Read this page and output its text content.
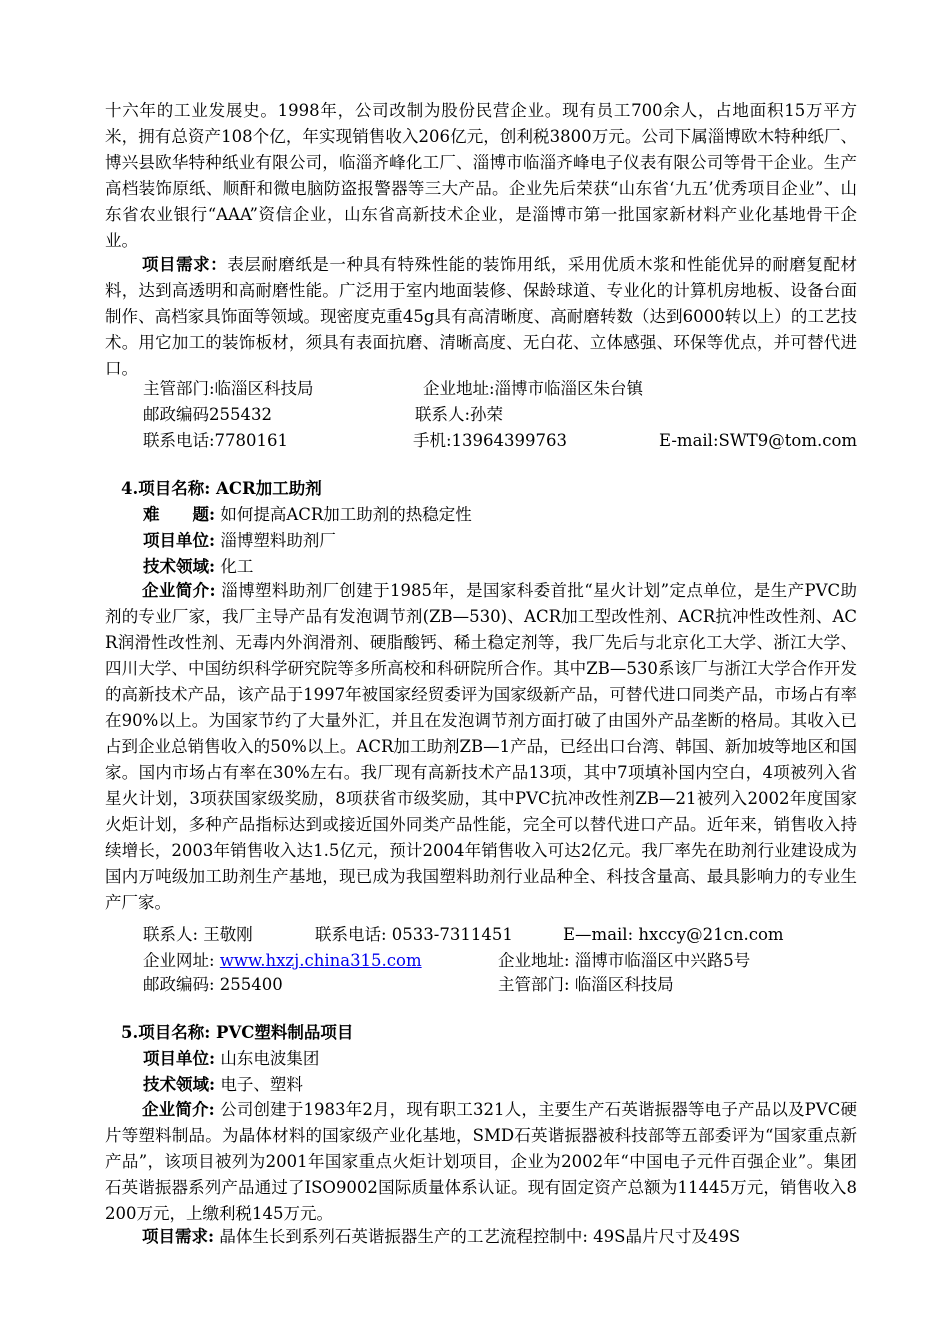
十六年的工业发展史。1998年，公司改制为股份民营企业。现有员工700余人，占地面积15万平方米，拥有总资产108个亿，年实现销售收入206亿元，创利税3800万元。公司下属淄博欧木特种纸厂、博兴县欧华特种纸业有限公司，临淄齐峰化工厂、淄博市临淄齐峰电子仪表有限公司等骨干企业。生产高档装饰原纸、顺酐和微电脑防盗报警器等三大产品。企业先后荣获“山东省‘九五’优秀项目企业”、山东省农业银行“AAA”资信企业，山东省高新技术企业，是淄博市第一批国家新材料产业化基地骨干企业。

项目需求：表层耐磨纸是一种具有特殊性能的装饰用纸，采用优质木浆和性能优异的耐磨复配材料，达到高透明和高耐磨性能。广泛用于室内地面装修、保龄球道、专业化的计算机房地板、设备台面制作、高档家具饰面等领域。现密度克重45g具有高清晰度、高耐磨转数（达到6000转以上）的工艺技术。用它加工的装饰板材，须具有表面抗磨、清晰高度、无白花、立体感强、环保等优点，并可替代进口。

主管部门:临淄区科技局	企业地址:淄博市临淄区朱台镇
邮政编码255432	联系人:孙荣
联系电话:7780161	手机:13964399763	E-mail:SWT9@tom.com
4.项目名称: ACR加工助剂
难　　题: 如何提高ACR加工助剂的热稳定性
项目单位: 淄博塑料助剂厂
技术领域: 化工

企业简介: 淄博塑料助剂厂创建于1985年，是国家科委首批“星火计划”定点单位，是生产PVC助剂的专业厂家，我厂主导产品有发泡调节剂(ZB—530)、ACR加工型改性剂、ACR抗冲性改性剂、ACR润滑性改性剂、无毒内外润滑剂、硬脂酸钙、稀土稳定剂等，我厂先后与北京化工大学、浙江大学、四川大学、中国纺织科学研究院等多所高校和科研院所合作。其中ZB—530系该厂与浙江大学合作开发的高新技术产品，该产品于1997年被国家经贸委评为国家级新产品，可替代进口同类产品，市场占有率在90%以上。为国家节约了大量外汇，并且在发泡调节剂方面打破了由国外产品垄断的格局。其收入已占到企业总销售收入的50%以上。ACR加工助剂ZB—1产品，已经出口台湾、韩国、新加坡等地区和国家。国内市场占有率在30%左右。我厂现有高新技术产品13项，其中7项填补国内空白，4项被列入省星火计划，3项获国家级奖励，8项获省市级奖励，其中PVC抗冲改性剂ZB—21被列入2002年度国家火炬计划，多种产品指标达到或接近国外同类产品性能，完全可以替代进口产品。近年来，销售收入持续增长，2003年销售收入达1.5亿元，预计2004年销售收入可达2亿元。我厂率先在助剂行业建设成为国内万吨级加工助剂生产基地，现已成为我国塑料助剂行业品种全、科技含量高、最具影响力的专业生产厂家。

联系人: 王敬刚	联系电话: 0533-7311451	E—mail: hxccy@21cn.com
企业网址: www.hxzj.china315.com	企业地址: 淄博市临淄区中兴路5号
邮政编码: 255400	主管部门: 临淄区科技局
5.项目名称: PVC塑料制品项目
项目单位: 山东电波集团
技术领域: 电子、塑料

企业简介: 公司创建于1983年2月，现有职工321人，主要生产石英谐振器等电子产品以及PVC硬片等塑料制品。为晶体材料的国家级产业化基地，SMD石英谐振器被科技部等五部委评为“国家重点新产品”，该项目被列为2001年国家重点火炬计划项目，企业为2002年“中国电子元件百强企业”。集团石英谐振器系列产品通过了ISO9002国际质量体系认证。现有固定资产总额为11445万元，销售收入8200万元，上缴利税145万元。

项目需求: 晶体生长到系列石英谐振器生产的工艺流程控制中: 49S晶片尺寸及49S
